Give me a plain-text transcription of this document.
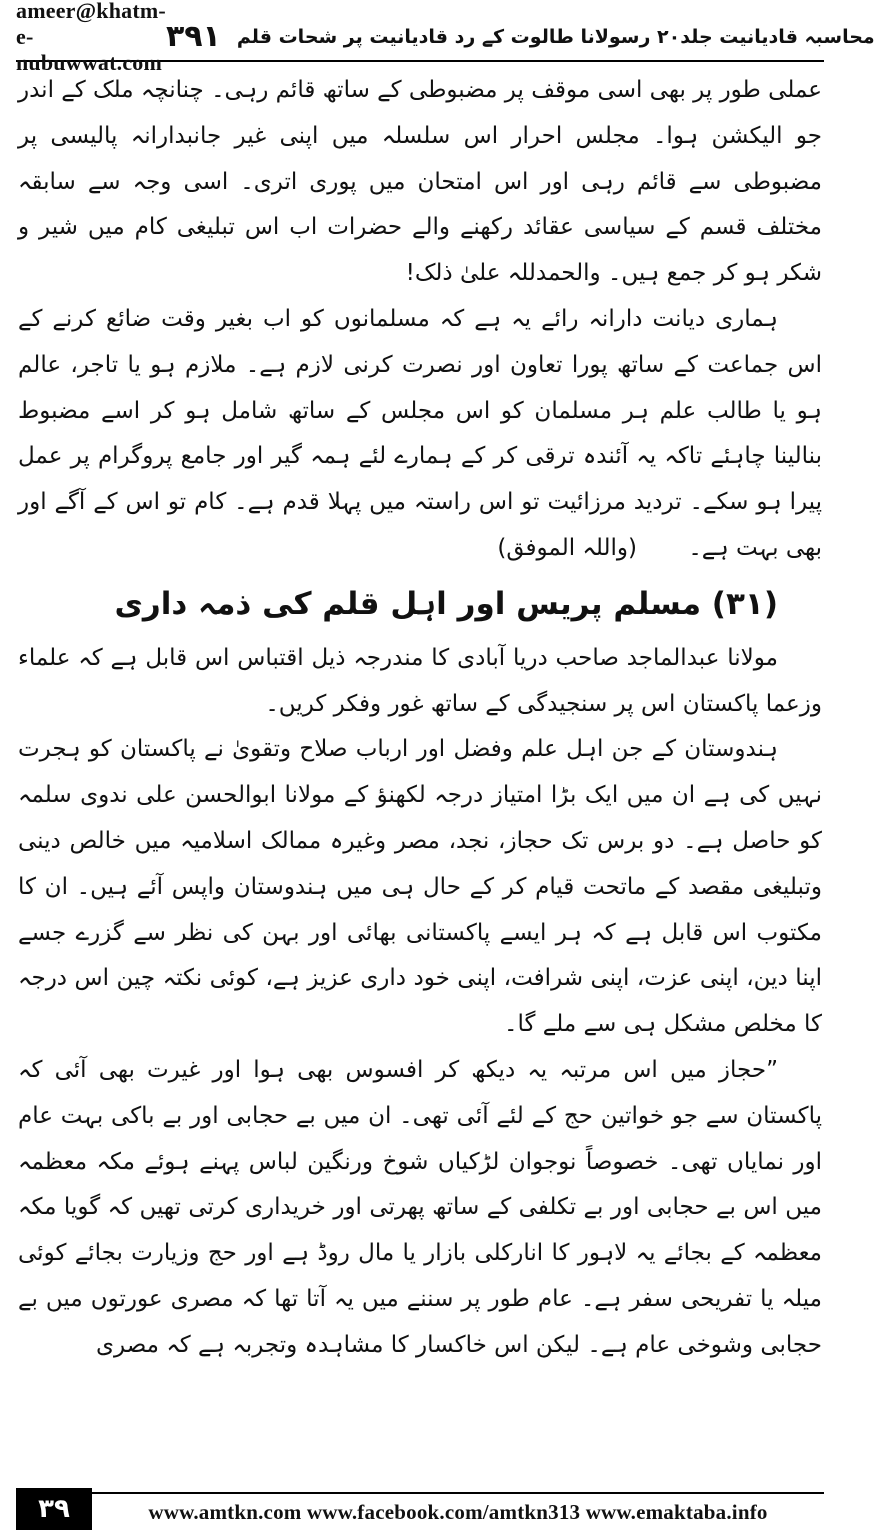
ameer@khatm-e-nubuwwat.com
محاسبہ قادیانیت جلد۲۰ رسولانا طالوت کے رد قادیانیت پر شحات قلم
۳۹۱

عملی طور پر بھی اسی موقف پر مضبوطی کے ساتھ قائم رہی۔ چنانچہ ملک کے اندر جو الیکشن ہوا۔ مجلس احرار اس سلسلہ میں اپنی غیر جانبدارانہ پالیسی پر مضبوطی سے قائم رہی اور اس امتحان میں پوری اتری۔ اسی وجہ سے سابقہ مختلف قسم کے سیاسی عقائد رکھنے والے حضرات اب اس تبلیغی کام میں شیر و شکر ہو کر جمع ہیں۔ والحمدللہ علیٰ ذلک!

ہماری دیانت دارانہ رائے یہ ہے کہ مسلمانوں کو اب بغیر وقت ضائع کرنے کے اس جماعت کے ساتھ پورا تعاون اور نصرت کرنی لازم ہے۔ ملازم ہو یا تاجر، عالم ہو یا طالب علم ہر مسلمان کو اس مجلس کے ساتھ شامل ہو کر اسے مضبوط بنالینا چاہئے تاکہ یہ آئندہ ترقی کر کے ہمارے لئے ہمہ گیر اور جامع پروگرام پر عمل پیرا ہو سکے۔ تردید مرزائیت تو اس راستہ میں پہلا قدم ہے۔ کام تو اس کے آگے اور بھی بہت ہے۔ (واللہ الموفق)

(۳۱) مسلم پریس اور اہل قلم کی ذمہ داری

مولانا عبدالماجد صاحب دریا آبادی کا مندرجہ ذیل اقتباس اس قابل ہے کہ علماء وزعما پاکستان اس پر سنجیدگی کے ساتھ غور وفکر کریں۔

ہندوستان کے جن اہل علم وفضل اور ارباب صلاح وتقویٰ نے پاکستان کو ہجرت نہیں کی ہے ان میں ایک بڑا امتیاز درجہ لکھنؤ کے مولانا ابوالحسن علی ندوی سلمہ کو حاصل ہے۔ دو برس تک حجاز، نجد، مصر وغیرہ ممالک اسلامیہ میں خالص دینی وتبلیغی مقصد کے ماتحت قیام کر کے حال ہی میں ہندوستان واپس آئے ہیں۔ ان کا مکتوب اس قابل ہے کہ ہر ایسے پاکستانی بھائی اور بہن کی نظر سے گزرے جسے اپنا دین، اپنی عزت، اپنی شرافت، اپنی خود داری عزیز ہے، کوئی نکتہ چین اس درجہ کا مخلص مشکل ہی سے ملے گا۔

”حجاز میں اس مرتبہ یہ دیکھ کر افسوس بھی ہوا اور غیرت بھی آئی کہ پاکستان سے جو خواتین حج کے لئے آئی تھی۔ ان میں بے حجابی اور بے باکی بہت عام اور نمایاں تھی۔ خصوصاً نوجوان لڑکیاں شوخ ورنگین لباس پہنے ہوئے مکہ معظمہ میں اس بے حجابی اور بے تکلفی کے ساتھ پھرتی اور خریداری کرتی تھیں کہ گویا مکہ معظمہ کے بجائے یہ لاہور کا انارکلی بازار یا مال روڈ ہے اور حج وزیارت بجائے کوئی میلہ یا تفریحی سفر ہے۔ عام طور پر سننے میں یہ آتا تھا کہ مصری عورتوں میں بے حجابی وشوخی عام ہے۔ لیکن اس خاکسار کا مشاہدہ وتجربہ ہے کہ مصری

۳۹	www.amtkn.com www.facebook.com/amtkn313 www.emaktaba.info
